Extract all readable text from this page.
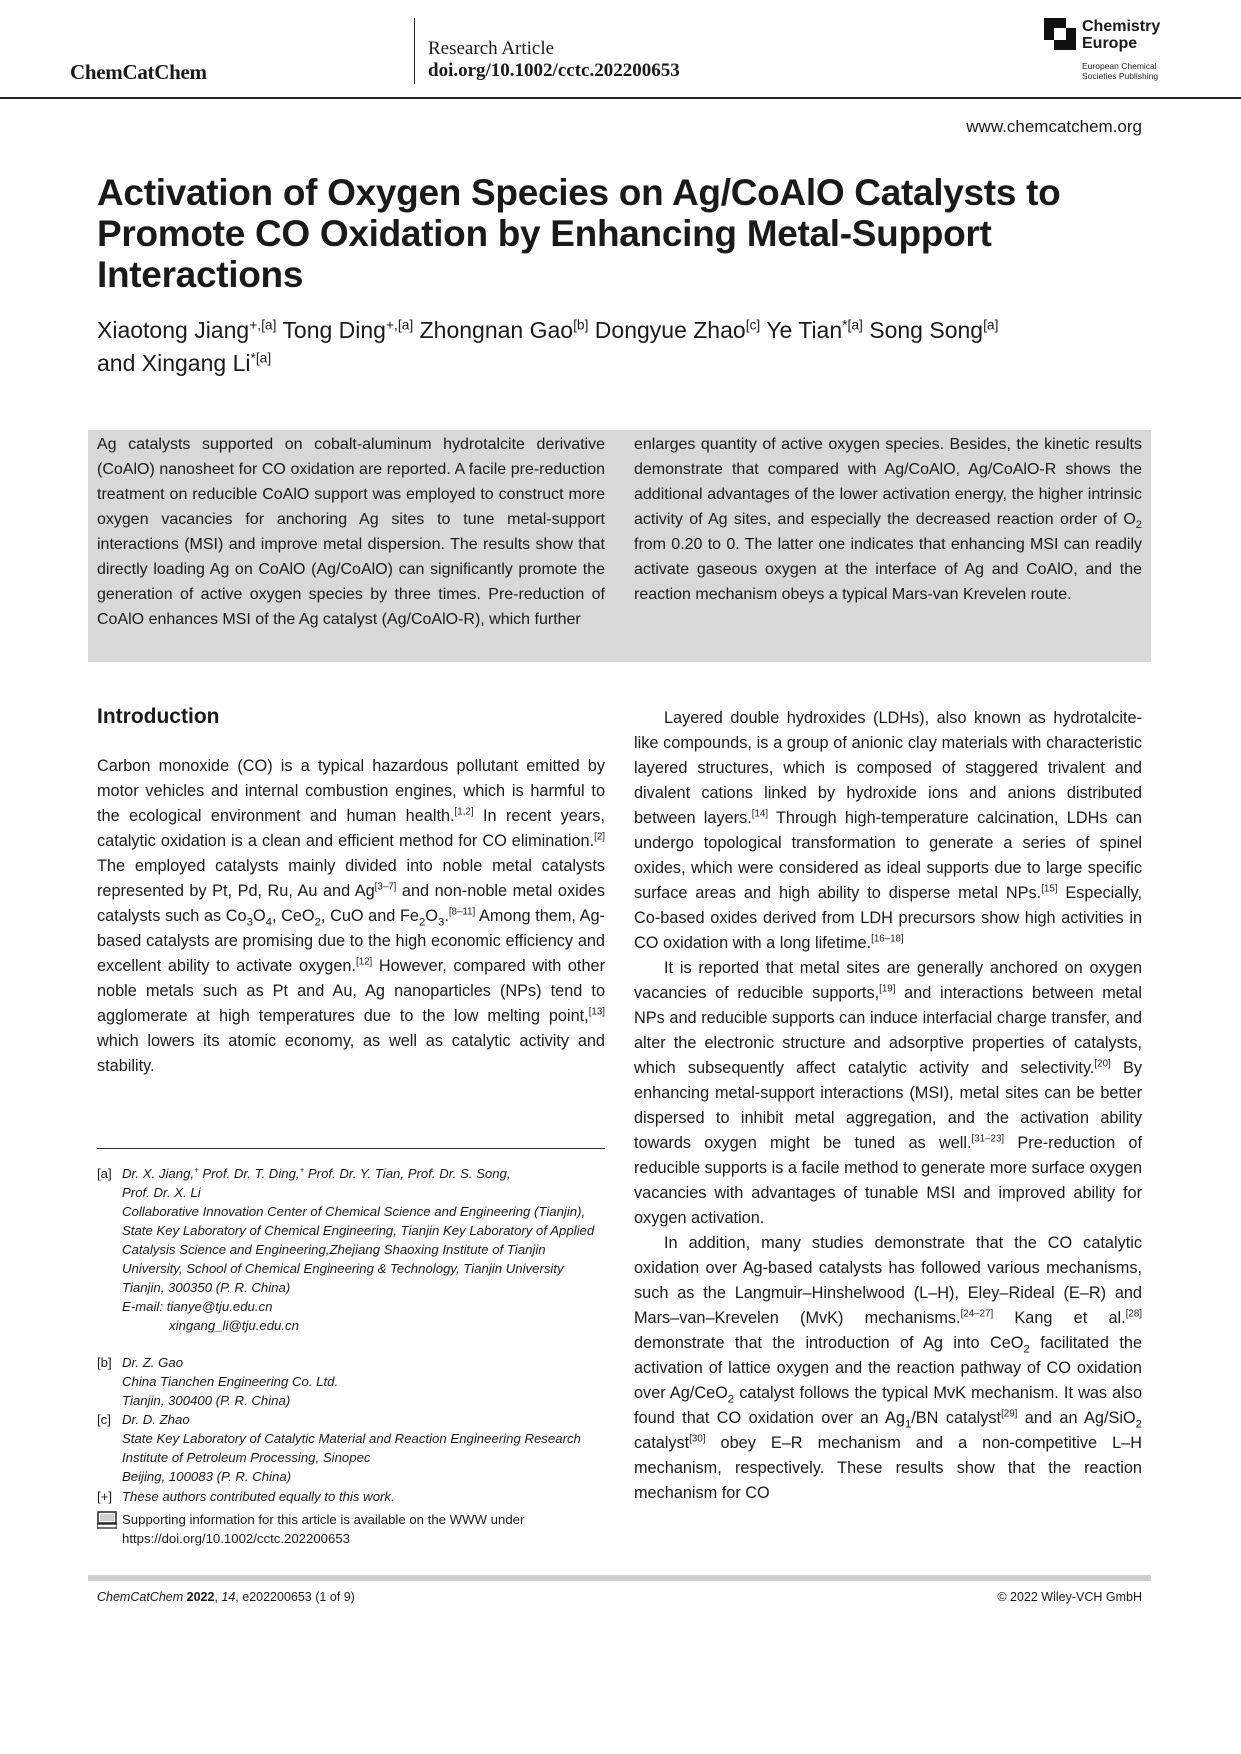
ChemCatChem
Research Article
doi.org/10.1002/cctc.202200653
Chemistry Europe
European Chemical Societies Publishing
www.chemcatchem.org
Activation of Oxygen Species on Ag/CoAlO Catalysts to Promote CO Oxidation by Enhancing Metal-Support Interactions
Xiaotong Jiang$^{+,[a]}$ Tong Ding$^{+,[a]}$ Zhongnan Gao[b] Dongyue Zhao[c] Ye Tian$^{*[a]}$ Song Song[a]
and Xingang $Li^{*[a]}$
Ag catalysts supported on cobalt-aluminum hydrotalcite derivative (CoAlO) nanosheet for CO oxidation are reported. A facile pre-reduction treatment on reducible CoAlO support was employed to construct more oxygen vacancies for anchoring Ag sites to tune metal-support interactions (MSI) and improve metal dispersion. The results show that directly loading Ag on CoAlO (Ag/CoAlO) can significantly promote the generation of active oxygen species by three times. Pre-reduction of CoAlO enhances MSI of the Ag catalyst (Ag/CoAlO-R), which further
enlarges quantity of active oxygen species. Besides, the kinetic results demonstrate that compared with Ag/CoAlO, Ag/CoAlO-R shows the additional advantages of the lower activation energy, the higher intrinsic activity of Ag sites, and especially the decreased reaction order of $O_2$ from 0.20 to 0. The latter one indicates that enhancing MSI can readily activate gaseous oxygen at the interface of Ag and CoAlO, and the reaction mechanism obeys a typical Mars-van Krevelen route.
Introduction

Carbon monoxide (CO) is a typical hazardous pollutant emitted by motor vehicles and internal combustion engines, which is harmful to the ecological environment and human health.[1,2] In recent years, catalytic oxidation is a clean and efficient method for CO elimination.[2] The employed catalysts mainly divided into noble metal catalysts represented by Pt, Pd, Ru, Au and Ag[3–7] and non-noble metal oxides catalysts such as $Co_3O_4$, CeO$_2$, CuO and $Fe_2O_3.[8-11]$ Among them, Ag-based catalysts are promising due to the high economic efficiency and excellent ability to activate oxygen.[12] However, compared with other noble metals such as Pt and Au, Ag nanoparticles (NPs) tend to agglomerate at high temperatures due to the low melting point,[13] which lowers its atomic economy, as well as catalytic activity and stability.

Layered double hydroxides (LDHs), also known as hydrotalcite-like compounds, is a group of anionic clay materials with characteristic layered structures, which is composed of staggered trivalent and divalent cations linked by hydroxide ions and anions distributed between layers.[14] Through high-temperature calcination, LDHs can undergo topological transformation to generate a series of spinel oxides, which were considered as ideal supports due to large specific surface areas and high ability to disperse metal NPs.[15] Especially, Co-based oxides derived from LDH precursors show high activities in CO oxidation with a long lifetime.[16–18]

It is reported that metal sites are generally anchored on oxygen vacancies of reducible supports,[19] and interactions between metal NPs and reducible supports can induce interfacial charge transfer, and alter the electronic structure and adsorptive properties of catalysts, which subsequently affect catalytic activity and selectivity.[20] By enhancing metal-support interactions (MSI), metal sites can be better dispersed to inhibit metal aggregation, and the activation ability towards oxygen might be tuned as well.[31–23] Pre-reduction of reducible supports is a facile method to generate more surface oxygen vacancies with advantages of tunable MSI and improved ability for oxygen activation.

In addition, many studies demonstrate that the CO catalytic oxidation over Ag-based catalysts has followed various mechanisms, such as the Langmuir–Hinshelwood (L–H), Eley–Rideal (E–R) and Mars–van–Krevelen (MvK) mechanisms.[24–27] Kang et al.[28] demonstrate that the introduction of Ag into CeO$_2$ facilitated the activation of lattice oxygen and the reaction pathway of CO oxidation over Ag/CeO$_2$ catalyst follows the typical MvK mechanism. It was also found that CO oxidation over an $Ag_1/BN$ catalyst[29] and an Ag/SiO$_2$ catalyst[30] obey E–R mechanism and a non-competitive L–H mechanism, respectively. These results show that the reaction mechanism for CO

[a] Dr. X. Jiang,+ Prof. Dr. T. Ding,+ Prof. Dr. Y. Tian, Prof. Dr. S. Song,
Prof. Dr. X. Li
Collaborative Innovation Center of Chemical Science and Engineering (Tianjin), State Key Laboratory of Chemical Engineering, Tianjin Key Laboratory of Applied Catalysis Science and Engineering,Zhejiang Shaoxing Institute of Tianjin University, School of Chemical Engineering & Technology, Tianjin University
Tianjin, 300350 (P. R. China)
E-mail: tianye@tju.edu.cn
xingang_li@tju.edu.cn
[b] Dr. Z. Gao
China Tianchen Engineering Co. Ltd.
Tianjin, 300400 (P. R. China)
[c] Dr. D. Zhao
State Key Laboratory of Catalytic Material and Reaction Engineering Research Institute of Petroleum Processing, Sinopec
Beijing, 100083 (P. R. China)
[+] These authors contributed equally to this work.
Supporting information for this article is available on the WWW under https://doi.org/10.1002/cctc.202200653
ChemCatChem 2022, 14, e202200653 (1 of 9)	© 2022 Wiley-VCH GmbH
